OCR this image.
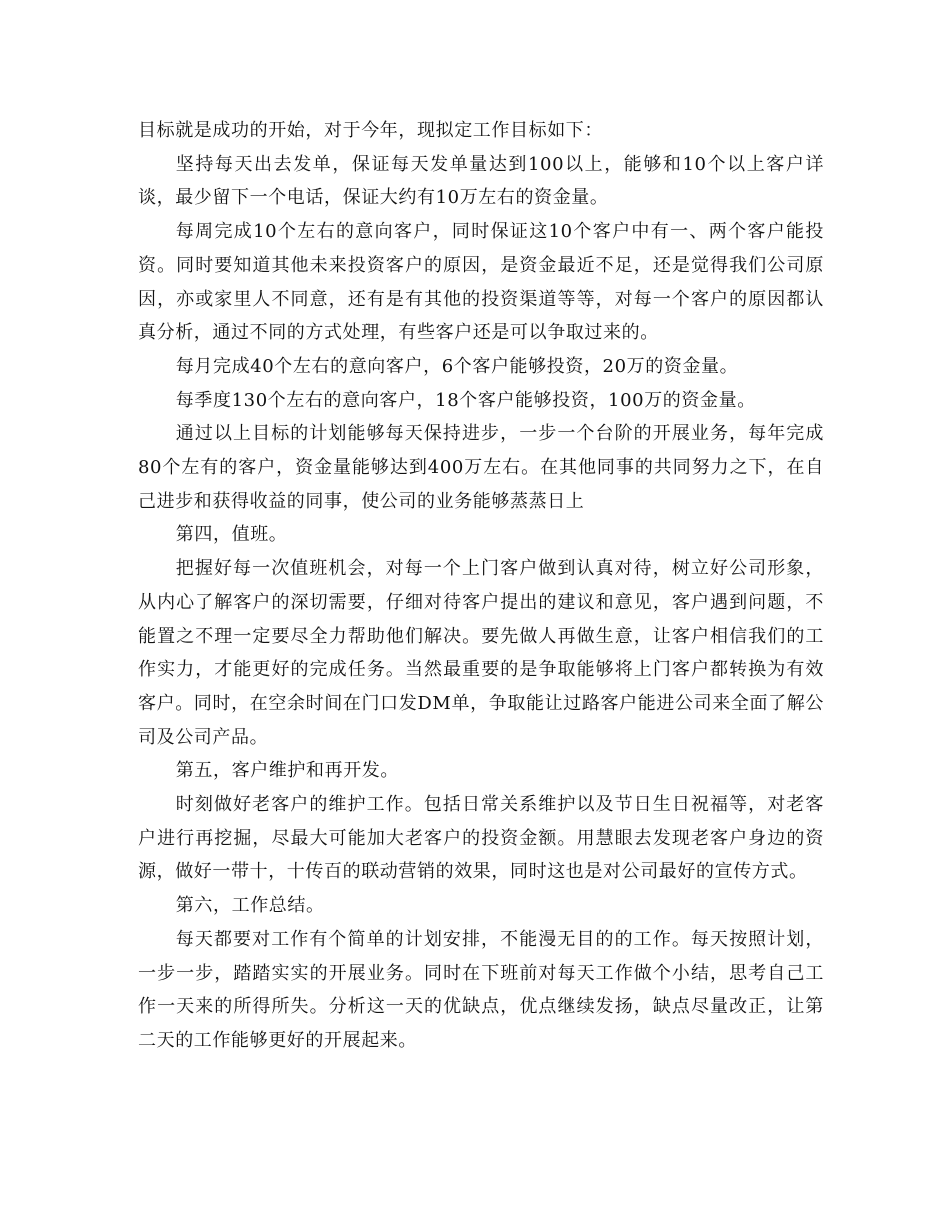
目标就是成功的开始，对于今年，现拟定工作目标如下：

坚持每天出去发单，保证每天发单量达到100以上，能够和10个以上客户详谈，最少留下一个电话，保证大约有10万左右的资金量。

每周完成10个左右的意向客户，同时保证这10个客户中有一、两个客户能投资。同时要知道其他未来投资客户的原因，是资金最近不足，还是觉得我们公司原因，亦或家里人不同意，还有是有其他的投资渠道等等，对每一个客户的原因都认真分析，通过不同的方式处理，有些客户还是可以争取过来的。

每月完成40个左右的意向客户，6个客户能够投资，20万的资金量。

每季度130个左右的意向客户，18个客户能够投资，100万的资金量。

通过以上目标的计划能够每天保持进步，一步一个台阶的开展业务，每年完成80个左有的客户，资金量能够达到400万左右。在其他同事的共同努力之下，在自己进步和获得收益的同事，使公司的业务能够蒸蒸日上

第四，值班。

把握好每一次值班机会，对每一个上门客户做到认真对待，树立好公司形象，从内心了解客户的深切需要，仔细对待客户提出的建议和意见，客户遇到问题，不能置之不理一定要尽全力帮助他们解决。要先做人再做生意，让客户相信我们的工作实力，才能更好的完成任务。当然最重要的是争取能够将上门客户都转换为有效客户。同时，在空余时间在门口发DM单，争取能让过路客户能进公司来全面了解公司及公司产品。

第五，客户维护和再开发。

时刻做好老客户的维护工作。包括日常关系维护以及节日生日祝福等，对老客户进行再挖掘，尽最大可能加大老客户的投资金额。用慧眼去发现老客户身边的资源，做好一带十，十传百的联动营销的效果，同时这也是对公司最好的宣传方式。

第六，工作总结。

每天都要对工作有个简单的计划安排，不能漫无目的的工作。每天按照计划，一步一步，踏踏实实的开展业务。同时在下班前对每天工作做个小结，思考自己工作一天来的所得所失。分析这一天的优缺点，优点继续发扬，缺点尽量改正，让第二天的工作能够更好的开展起来。
